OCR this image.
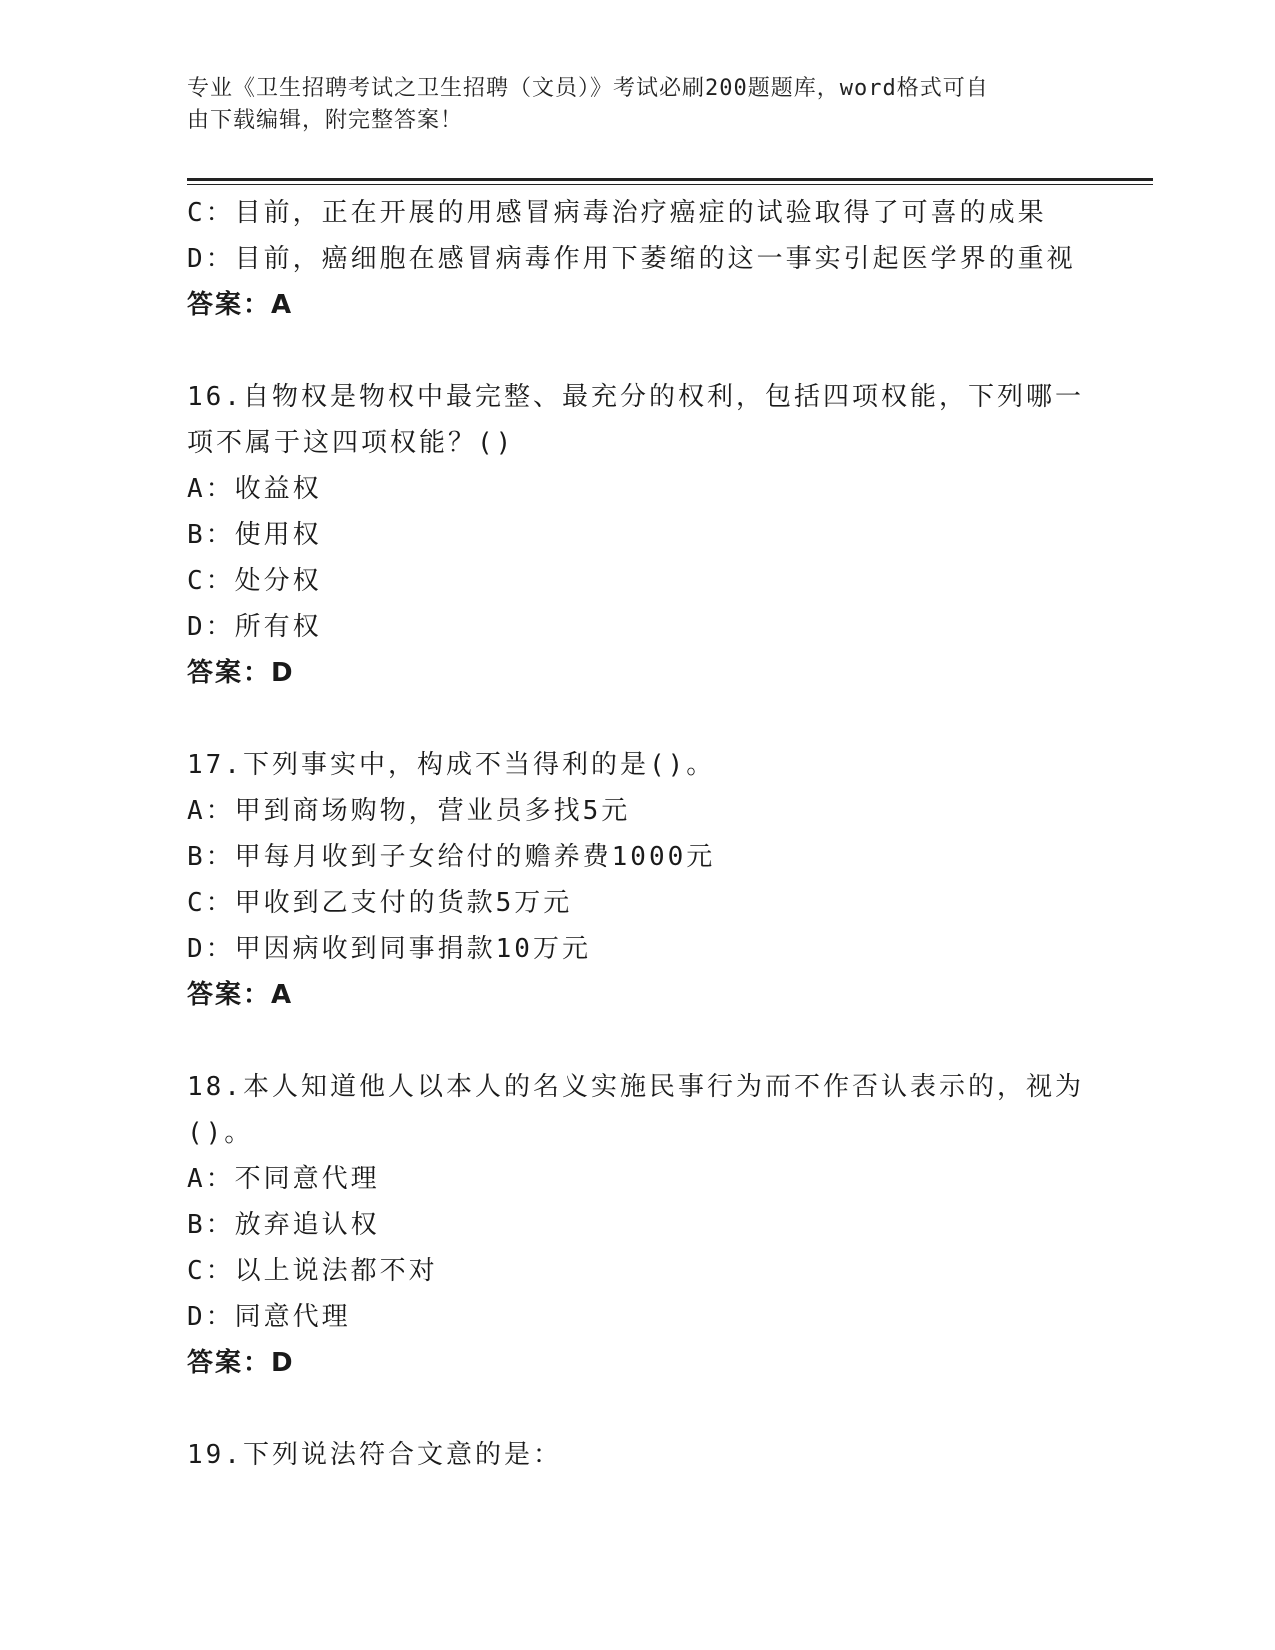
专业《卫生招聘考试之卫生招聘（文员）》考试必刷200题题库，word格式可自
由下载编辑，附完整答案！
C：目前，正在开展的用感冒病毒治疗癌症的试验取得了可喜的成果
D：目前，癌细胞在感冒病毒作用下萎缩的这一事实引起医学界的重视
答案：A
16.自物权是物权中最完整、最充分的权利，包括四项权能，下列哪一
项不属于这四项权能？()
A：收益权
B：使用权
C：处分权
D：所有权
答案：D
17.下列事实中，构成不当得利的是()。
A：甲到商场购物，营业员多找5元
B：甲每月收到子女给付的赡养费1000元
C：甲收到乙支付的货款5万元
D：甲因病收到同事捐款10万元
答案：A
18.本人知道他人以本人的名义实施民事行为而不作否认表示的，视为
()。
A：不同意代理
B：放弃追认权
C：以上说法都不对
D：同意代理
答案：D
19.下列说法符合文意的是：
